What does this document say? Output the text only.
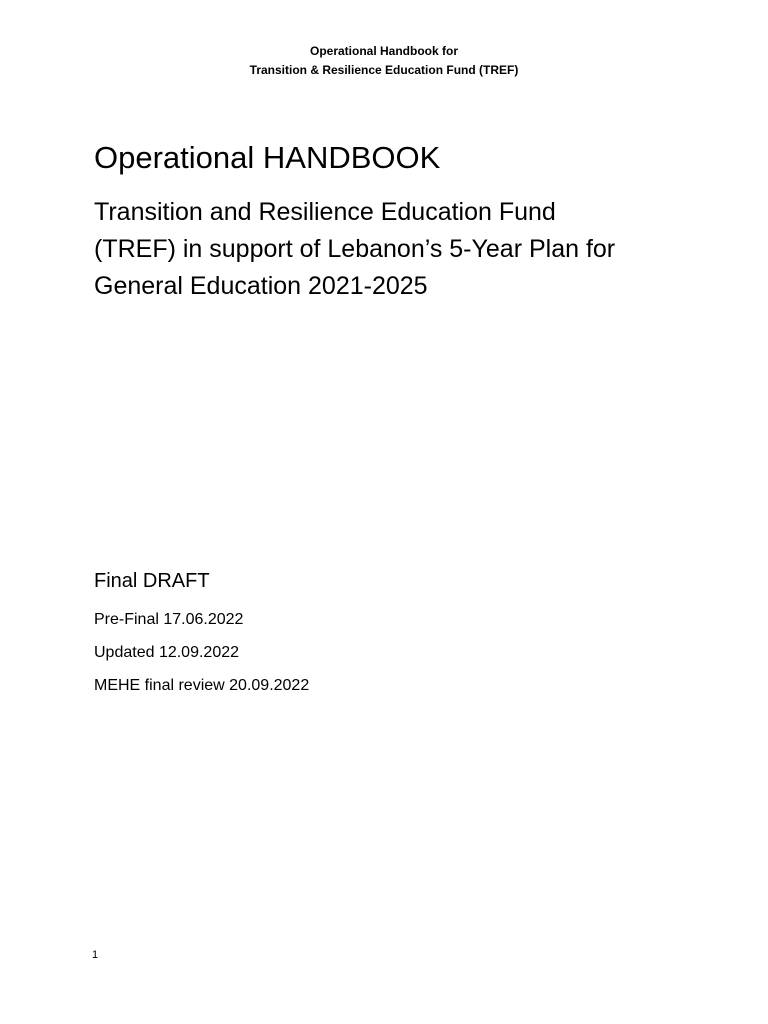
Operational Handbook for
Transition & Resilience Education Fund (TREF)
Operational HANDBOOK
Transition and Resilience Education Fund
(TREF) in support of Lebanon’s 5-Year Plan for
General Education 2021-2025

Final DRAFT

Pre-Final 17.06.2022
Updated 12.09.2022
MEHE final review 20.09.2022
1
